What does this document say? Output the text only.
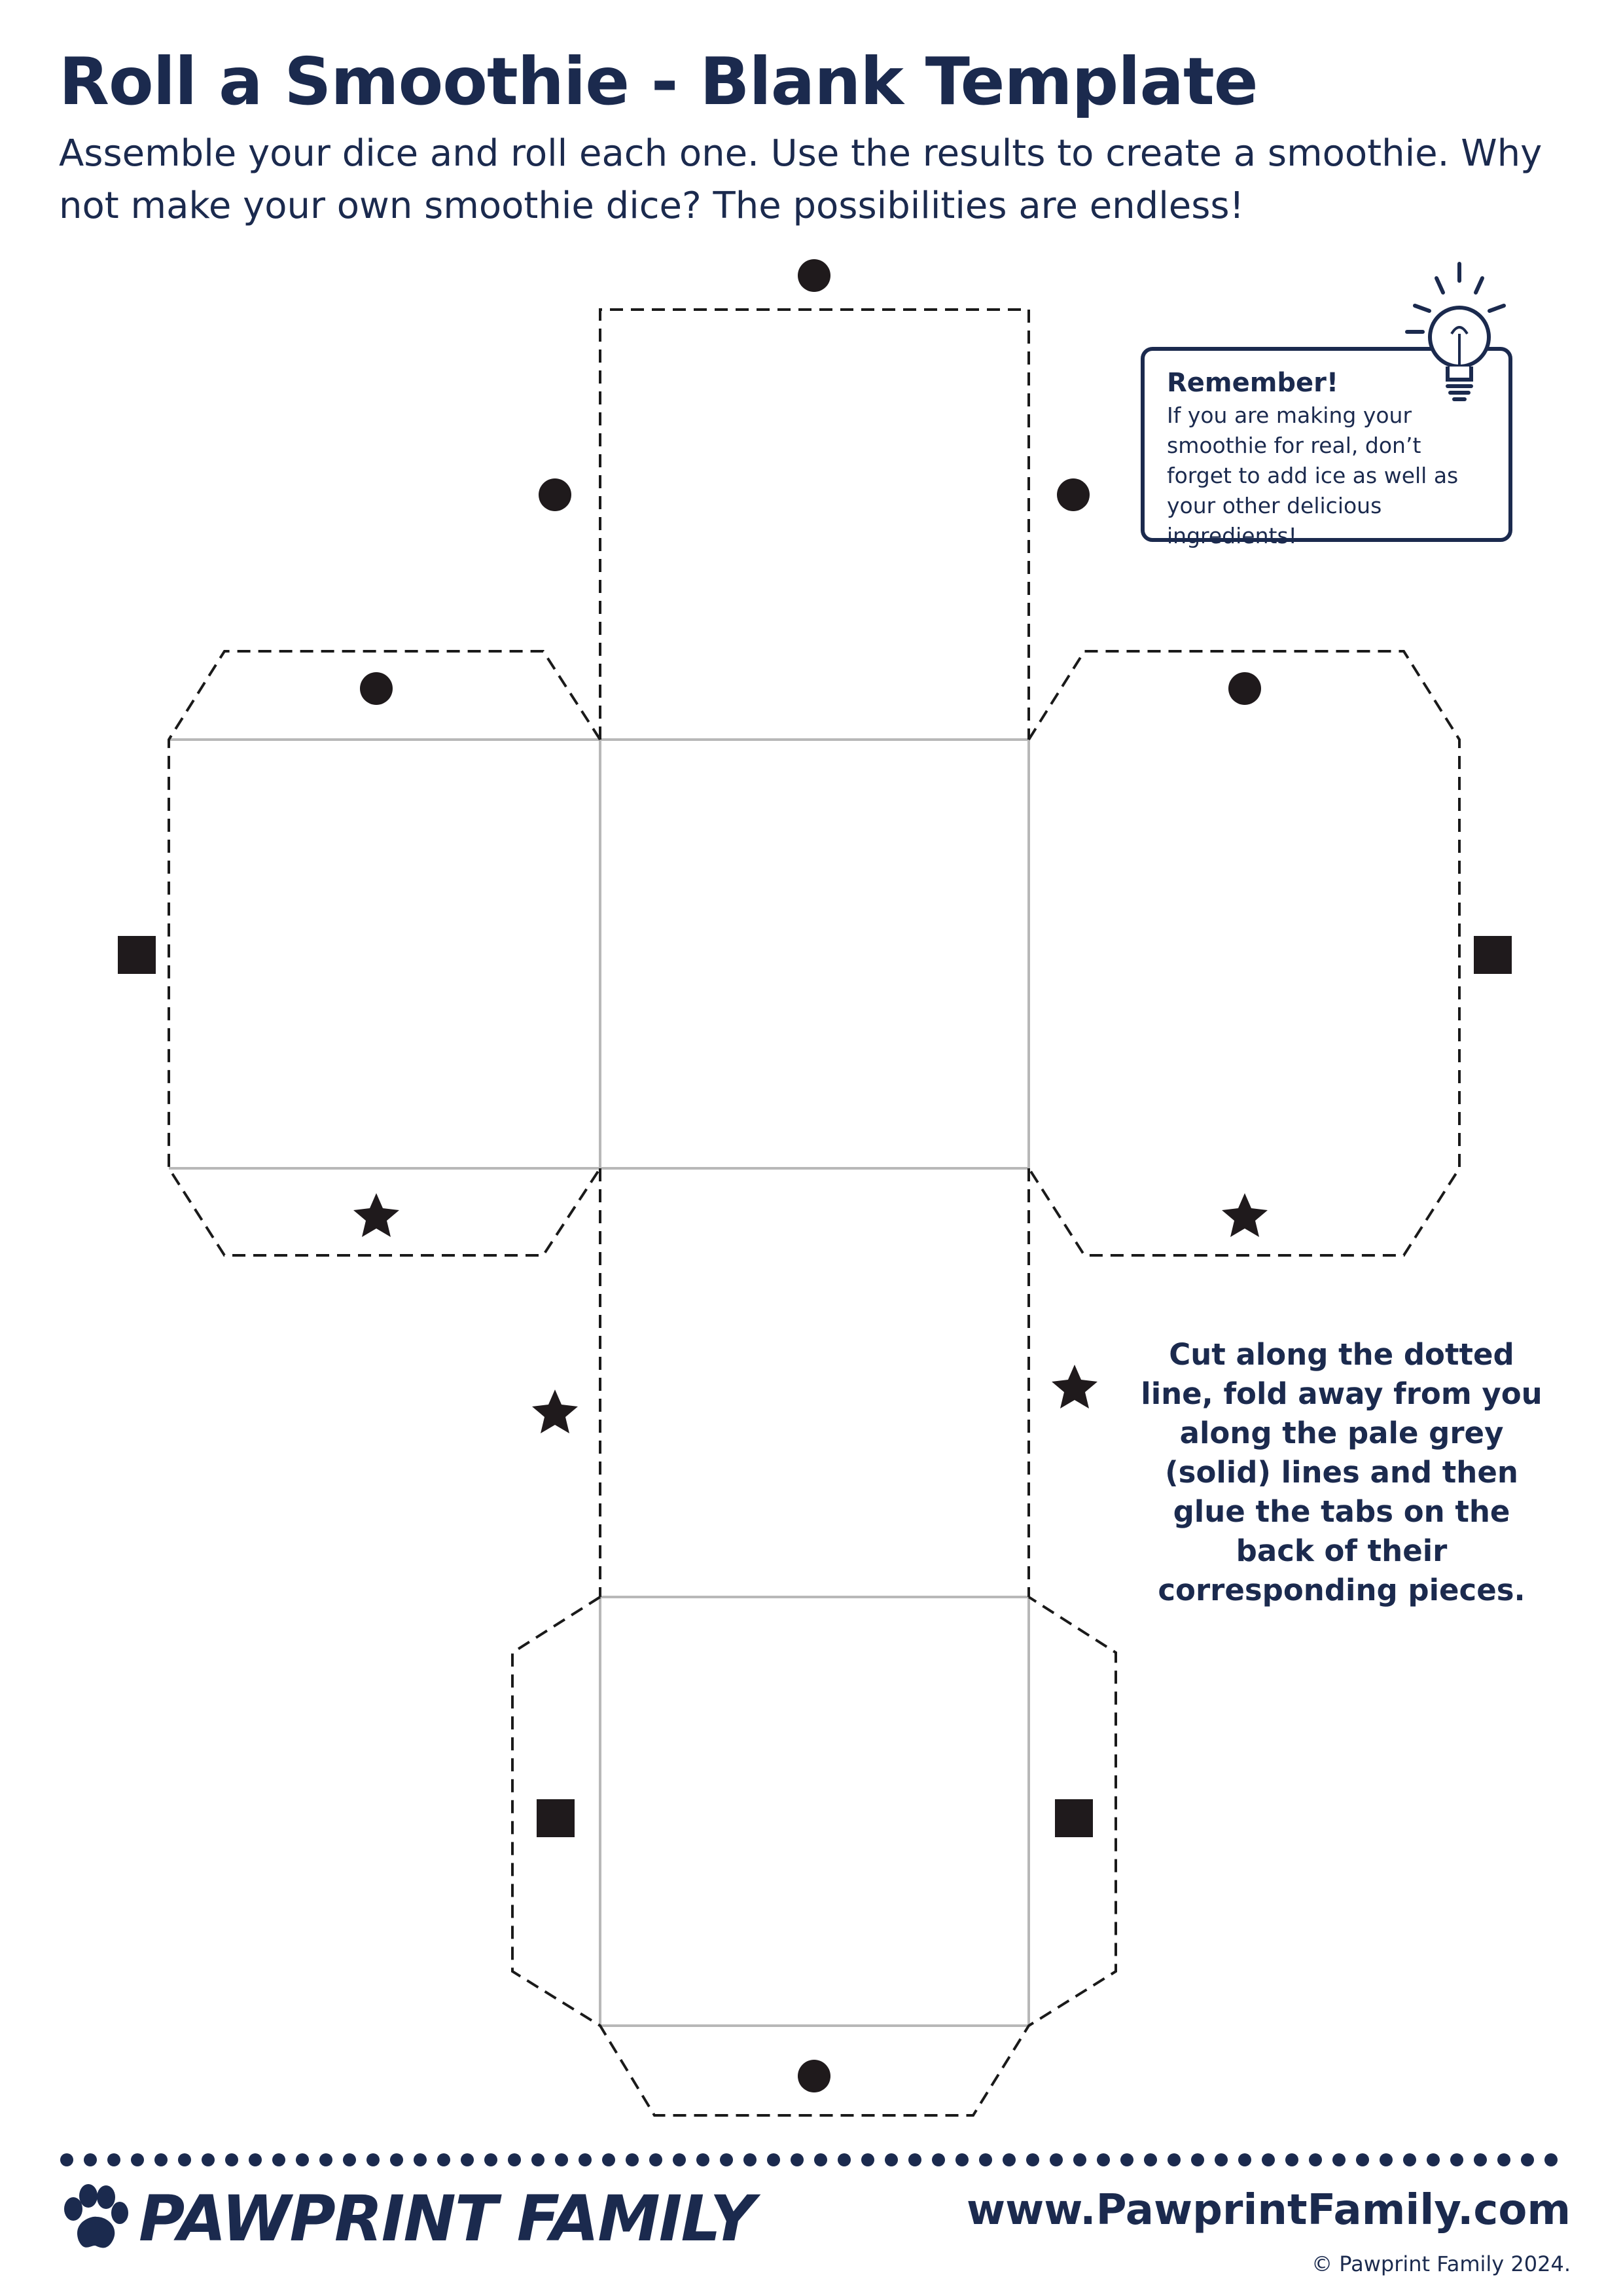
Roll a Smoothie - Blank Template

Assemble your dice and roll each one. Use the results to create a smoothie. Why not make your own smoothie dice? The possibilities are endless!

Remember!
If you are making your smoothie for real, don’t forget to add ice as well as your other delicious ingredients!
Cut along the dotted line, fold away from you along the pale grey (solid) lines and then glue the tabs on the back of their corresponding pieces.
PAWPRINT FAMILY	www.PawprintFamily.com
© Pawprint Family 2024.
